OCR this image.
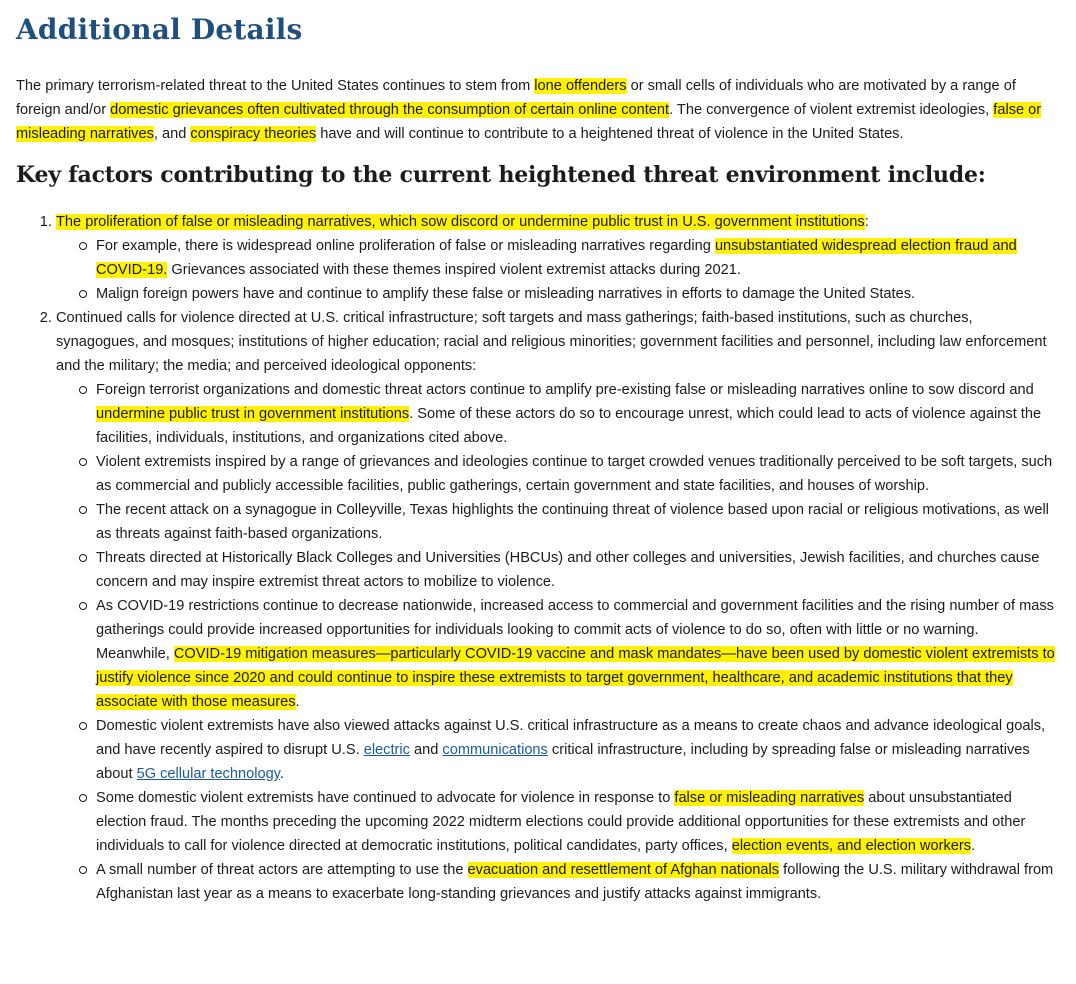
Additional Details

The primary terrorism-related threat to the United States continues to stem from lone offenders or small cells of individuals who are motivated by a range of foreign and/or domestic grievances often cultivated through the consumption of certain online content. The convergence of violent extremist ideologies, false or misleading narratives, and conspiracy theories have and will continue to contribute to a heightened threat of violence in the United States.

Key factors contributing to the current heightened threat environment include:
1. The proliferation of false or misleading narratives, which sow discord or undermine public trust in U.S. government institutions:
For example, there is widespread online proliferation of false or misleading narratives regarding unsubstantiated widespread election fraud and COVID-19. Grievances associated with these themes inspired violent extremist attacks during 2021.
Malign foreign powers have and continue to amplify these false or misleading narratives in efforts to damage the United States.
2. Continued calls for violence directed at U.S. critical infrastructure; soft targets and mass gatherings; faith-based institutions, such as churches, synagogues, and mosques; institutions of higher education; racial and religious minorities; government facilities and personnel, including law enforcement and the military; the media; and perceived ideological opponents:
Foreign terrorist organizations and domestic threat actors continue to amplify pre-existing false or misleading narratives online to sow discord and undermine public trust in government institutions. Some of these actors do so to encourage unrest, which could lead to acts of violence against the facilities, individuals, institutions, and organizations cited above.
Violent extremists inspired by a range of grievances and ideologies continue to target crowded venues traditionally perceived to be soft targets, such as commercial and publicly accessible facilities, public gatherings, certain government and state facilities, and houses of worship.
The recent attack on a synagogue in Colleyville, Texas highlights the continuing threat of violence based upon racial or religious motivations, as well as threats against faith-based organizations.
Threats directed at Historically Black Colleges and Universities (HBCUs) and other colleges and universities, Jewish facilities, and churches cause concern and may inspire extremist threat actors to mobilize to violence.
As COVID-19 restrictions continue to decrease nationwide, increased access to commercial and government facilities and the rising number of mass gatherings could provide increased opportunities for individuals looking to commit acts of violence to do so, often with little or no warning. Meanwhile, COVID-19 mitigation measures—particularly COVID-19 vaccine and mask mandates—have been used by domestic violent extremists to justify violence since 2020 and could continue to inspire these extremists to target government, healthcare, and academic institutions that they associate with those measures.
Domestic violent extremists have also viewed attacks against U.S. critical infrastructure as a means to create chaos and advance ideological goals, and have recently aspired to disrupt U.S. electric and communications critical infrastructure, including by spreading false or misleading narratives about 5G cellular technology.
Some domestic violent extremists have continued to advocate for violence in response to false or misleading narratives about unsubstantiated election fraud. The months preceding the upcoming 2022 midterm elections could provide additional opportunities for these extremists and other individuals to call for violence directed at democratic institutions, political candidates, party offices, election events, and election workers.
A small number of threat actors are attempting to use the evacuation and resettlement of Afghan nationals following the U.S. military withdrawal from Afghanistan last year as a means to exacerbate long-standing grievances and justify attacks against immigrants.
